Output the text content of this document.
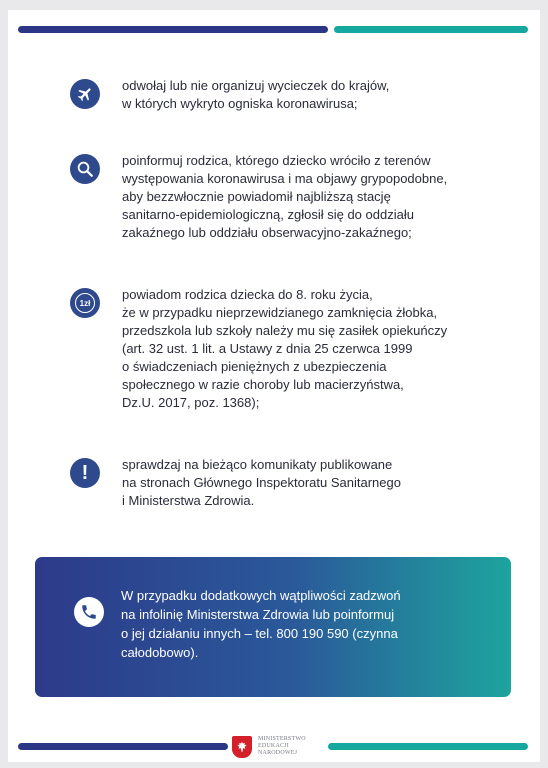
odwołaj lub nie organizuj wycieczek do krajów,
w których wykryto ogniska koronawirusa;

poinformuj rodzica, którego dziecko wróciło z terenów
występowania koronawirusa i ma objawy grypopodobne,
aby bezzwłocznie powiadomił najbliższą stację
sanitarno-epidemiologiczną, zgłosił się do oddziału
zakaźnego lub oddziału obserwacyjno-zakaźnego;

1zł

powiadom rodzica dziecka do 8. roku życia,
że w przypadku nieprzewidzianego zamknięcia żłobka,
przedszkola lub szkoły należy mu się zasiłek opiekuńczy
(art. 32 ust. 1 lit. a Ustawy z dnia 25 czerwca 1999
o świadczeniach pieniężnych z ubezpieczenia
społecznego w razie choroby lub macierzyństwa,
Dz.U. 2017, poz. 1368);

!	sprawdzaj na bieżąco komunikaty publikowane
na stronach Głównego Inspektoratu Sanitarnego
i Ministerstwa Zdrowia.

W przypadku dodatkowych wątpliwości zadzwoń
na infolinię Ministerstwa Zdrowia lub poinformuj
o jej działaniu innych – tel. 800 190 590 (czynna
całodobowo).

MINISTERSTWO
EDUKACJI
NARODOWEJ
